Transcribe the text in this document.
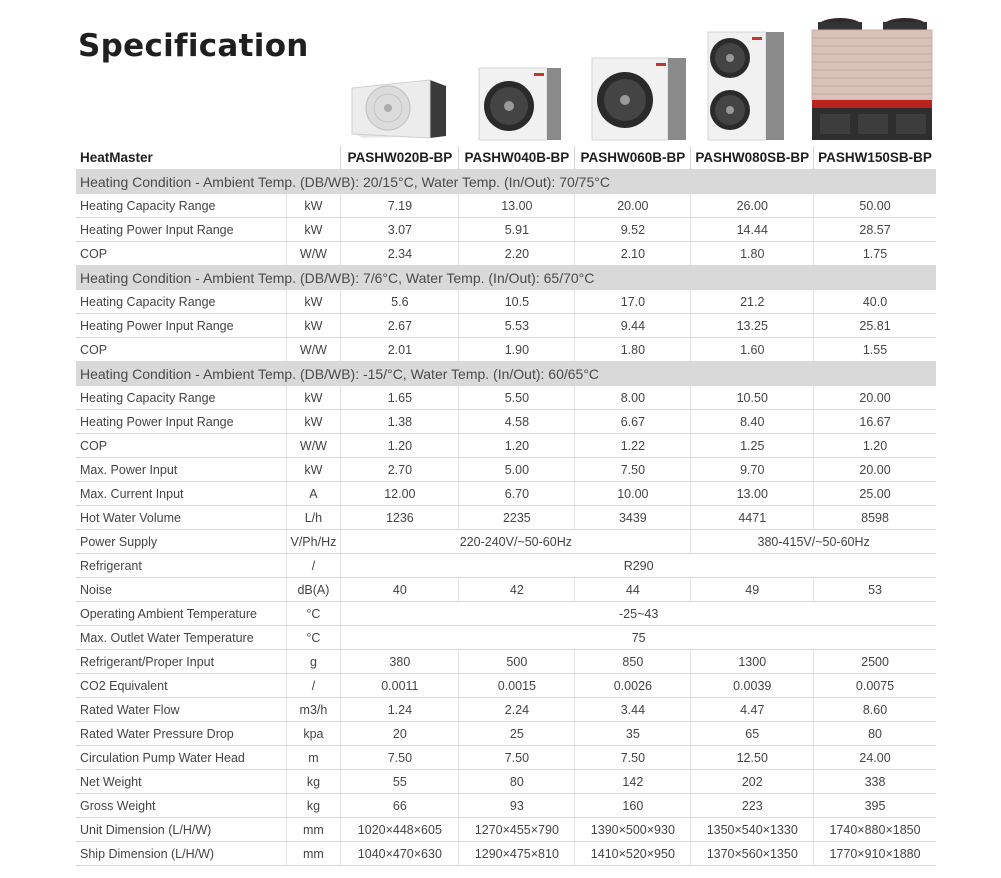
Specification
HeatMaster		PASHW020B-BP	PASHW040B-BP	PASHW060B-BP	PASHW080SB-BP	PASHW150SB-BP
Heating Condition - Ambient Temp. (DB/WB): 20/15°C, Water Temp. (In/Out): 70/75°C						
Heating Capacity Range	kW	7.19	13.00	20.00	26.00	50.00
Heating Power Input Range	kW	3.07	5.91	9.52	14.44	28.57
COP	W/W	2.34	2.20	2.10	1.80	1.75
Heating Condition - Ambient Temp. (DB/WB): 7/6°C, Water Temp. (In/Out): 65/70°C						
Heating Capacity Range	kW	5.6	10.5	17.0	21.2	40.0
Heating Power Input Range	kW	2.67	5.53	9.44	13.25	25.81
COP	W/W	2.01	1.90	1.80	1.60	1.55
Heating Condition - Ambient Temp. (DB/WB): -15/°C, Water Temp. (In/Out): 60/65°C						
Heating Capacity Range	kW	1.65	5.50	8.00	10.50	20.00
Heating Power Input Range	kW	1.38	4.58	6.67	8.40	16.67
COP	W/W	1.20	1.20	1.22	1.25	1.20
Max. Power Input	kW	2.70	5.00	7.50	9.70	20.00
Max. Current Input	A	12.00	6.70	10.00	13.00	25.00
Hot Water Volume	L/h	1236	2235	3439	4471	8598
Power Supply	V/Ph/Hz	220-240V/~50-60Hz			380-415V/~50-60Hz	
Refrigerant	/	R290				
Noise	dB(A)	40	42	44	49	53
Operating Ambient Temperature	°C	-25~43				
Max. Outlet Water Temperature	°C	75				
Refrigerant/Proper Input	g	380	500	850	1300	2500
CO2 Equivalent	/	0.0011	0.0015	0.0026	0.0039	0.0075
Rated Water Flow	m3/h	1.24	2.24	3.44	4.47	8.60
Rated Water Pressure Drop	kpa	20	25	35	65	80
Circulation Pump Water Head	m	7.50	7.50	7.50	12.50	24.00
Net Weight	kg	55	80	142	202	338
Gross Weight	kg	66	93	160	223	395
Unit Dimension (L/H/W)	mm	1020×448×605	1270×455×790	1390×500×930	1350×540×1330	1740×880×1850
Ship Dimension (L/H/W)	mm	1040×470×630	1290×475×810	1410×520×950	1370×560×1350	1770×910×1880
